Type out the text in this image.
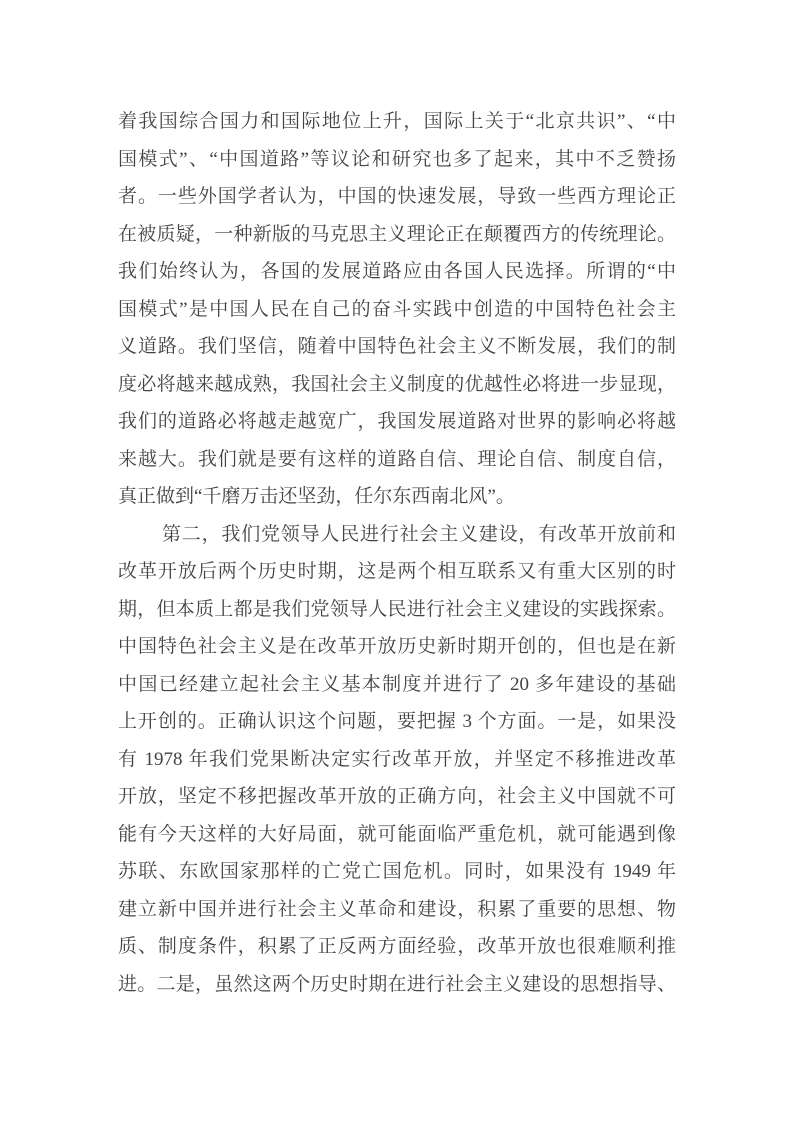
着我国综合国力和国际地位上升，国际上关于“北京共识”、“中
国模式”、“中国道路”等议论和研究也多了起来，其中不乏赞扬
者。一些外国学者认为，中国的快速发展，导致一些西方理论正
在被质疑，一种新版的马克思主义理论正在颠覆西方的传统理论。
我们始终认为，各国的发展道路应由各国人民选择。所谓的“中
国模式”是中国人民在自己的奋斗实践中创造的中国特色社会主
义道路。我们坚信，随着中国特色社会主义不断发展，我们的制
度必将越来越成熟，我国社会主义制度的优越性必将进一步显现，
我们的道路必将越走越宽广，我国发展道路对世界的影响必将越
来越大。我们就是要有这样的道路自信、理论自信、制度自信，
真正做到“千磨万击还坚劲，任尔东西南北风”。
第二，我们党领导人民进行社会主义建设，有改革开放前和
改革开放后两个历史时期，这是两个相互联系又有重大区别的时
期，但本质上都是我们党领导人民进行社会主义建设的实践探索。
中国特色社会主义是在改革开放历史新时期开创的，但也是在新
中国已经建立起社会主义基本制度并进行了 20 多年建设的基础
上开创的。正确认识这个问题，要把握 3 个方面。一是，如果没
有 1978 年我们党果断决定实行改革开放，并坚定不移推进改革
开放，坚定不移把握改革开放的正确方向，社会主义中国就不可
能有今天这样的大好局面，就可能面临严重危机，就可能遇到像
苏联、东欧国家那样的亡党亡国危机。同时，如果没有 1949 年
建立新中国并进行社会主义革命和建设，积累了重要的思想、物
质、制度条件，积累了正反两方面经验，改革开放也很难顺利推
进。二是，虽然这两个历史时期在进行社会主义建设的思想指导、
